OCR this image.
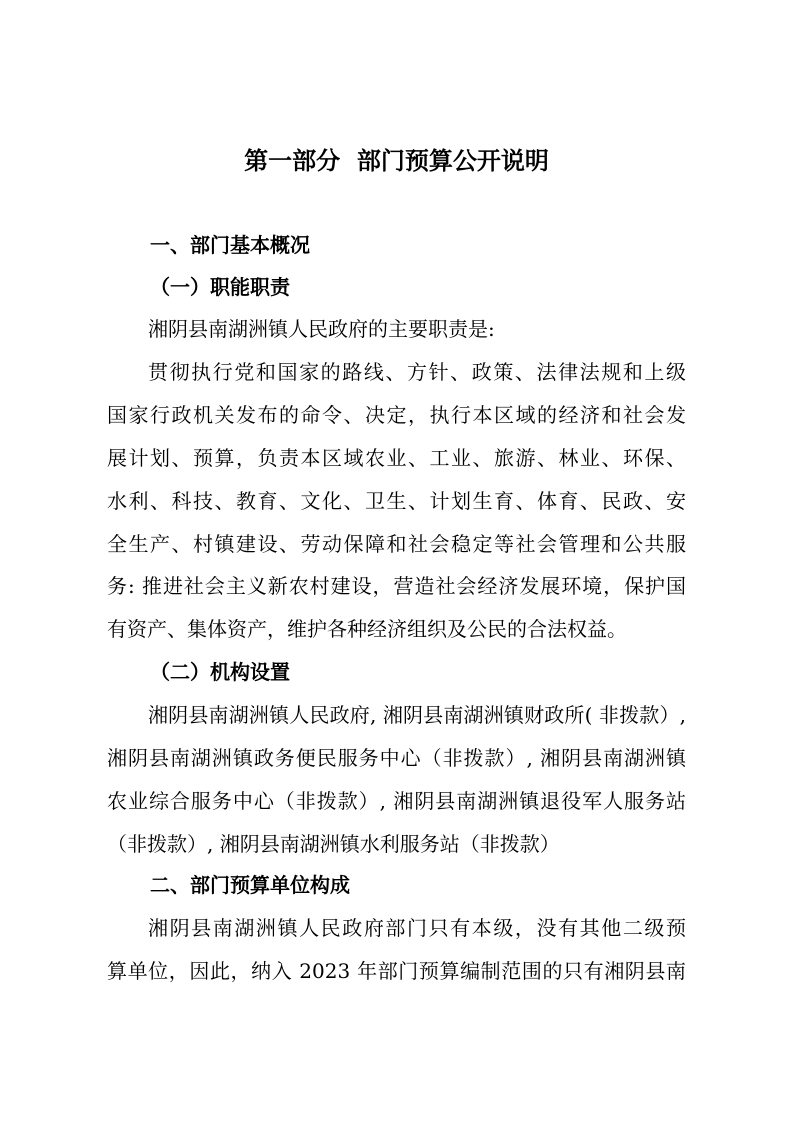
第一部分  部门预算公开说明
一、部门基本概况
（一）职能职责
湘阴县南湖洲镇人民政府的主要职责是:
贯彻执行党和国家的路线、方针、政策、法律法规和上级
国家行政机关发布的命令、决定，执行本区域的经济和社会发
展计划、预算，负责本区域农业、工业、旅游、林业、环保、
水利、科技、教育、文化、卫生、计划生育、体育、民政、安
全生产、村镇建设、劳动保障和社会稳定等社会管理和公共服
务: 推进社会主义新农村建设，营造社会经济发展环境，保护国
有资产、集体资产，维护各种经济组织及公民的合法权益。
（二）机构设置
湘阴县南湖洲镇人民政府, 湘阴县南湖洲镇财政所( 非拨款）,
湘阴县南湖洲镇政务便民服务中心（非拨款）, 湘阴县南湖洲镇
农业综合服务中心（非拨款）, 湘阴县南湖洲镇退役军人服务站
（非拨款）, 湘阴县南湖洲镇水利服务站（非拨款）
二、部门预算单位构成
湘阴县南湖洲镇人民政府部门只有本级，没有其他二级预
算单位，因此，纳入 2023 年部门预算编制范围的只有湘阴县南
